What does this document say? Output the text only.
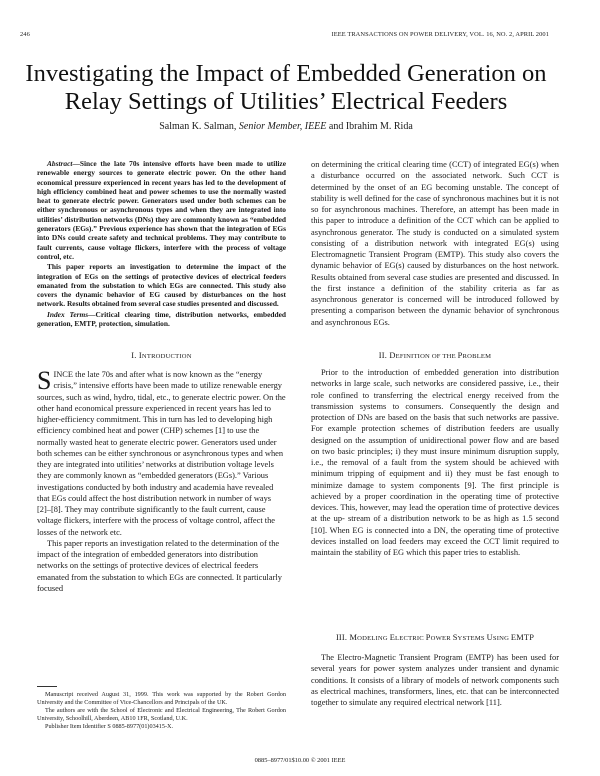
246	IEEE TRANSACTIONS ON POWER DELIVERY, VOL. 16, NO. 2, APRIL 2001
Investigating the Impact of Embedded Generation on Relay Settings of Utilities’ Electrical Feeders
Salman K. Salman, Senior Member, IEEE and Ibrahim M. Rida

Abstract—Since the late 70s intensive efforts have been made to utilize renewable energy sources to generate electric power. On the other hand economical pressure experienced in recent years has led to the development of high efficiency combined heat and power schemes to use the normally wasted heat to generate electric power. Generators used under both schemes can be either synchronous or asynchronous types and when they are integrated into utilities’ distribution networks (DNs) they are commonly known as “embedded generators (EGs).” Previous experience has shown that the integration of EGs into DNs could create safety and technical problems. They may contribute to fault currents, cause voltage flickers, interfere with the process of voltage control, etc.

This paper reports an investigation to determine the impact of the integration of EGs on the settings of protective devices of electrical feeders emanated from the substation to which EGs are connected. This study also covers the dynamic behavior of EG caused by disturbances on the host network. Results obtained from several case studies presented and discussed.

Index Terms—Critical clearing time, distribution networks, embedded generation, EMTP, protection, simulation.

I. INTRODUCTION

SINCE the late 70s and after what is now known as the “energy crisis,” intensive efforts have been made to utilize renewable energy sources, such as wind, hydro, tidal, etc., to generate electric power. On the other hand economical pressure experienced in recent years has led to higher-efficiency commitment. This in turn has led to developing high efficiency combined heat and power (CHP) schemes [1] to use the normally wasted heat to generate electric power. Generators used under both schemes can be either synchronous or asynchronous types and when they are integrated into utilities’ networks at distribution voltage levels they are commonly known as “embedded generators (EGs).” Various investigations conducted by both industry and academia have revealed that EGs could affect the host distribution network in number of ways [2]–[8]. They may contribute significantly to the fault current, cause voltage flickers, interfere with the process of voltage control, affect the losses of the network etc.

This paper reports an investigation related to the determination of the impact of the integration of embedded generators into distribution networks on the settings of protective devices of electrical feeders emanated from the substation to which EGs are connected. It particularly focused

Manuscript received August 31, 1999. This work was supported by the Robert Gordon University and the Committee of Vice-Chancellors and Principals of the UK.

The authors are with the School of Electronic and Electrical Engineering, The Robert Gordon University, Schoolhill, Aberdeen, AB10 1FR, Scotland, U.K.

Publisher Item Identifier S 0885-8977(01)03415-X.

on determining the critical clearing time (CCT) of integrated EG(s) when a disturbance occurred on the associated network. Such CCT is determined by the onset of an EG becoming unstable. The concept of stability is well defined for the case of synchronous machines but it is not so for asynchronous machines. Therefore, an attempt has been made in this paper to introduce a definition of the CCT which can be applied to asynchronous generator. The study is conducted on a simulated system consisting of a distribution network with integrated EG(s) using Electromagnetic Transient Program (EMTP). This study also covers the dynamic behavior of EG(s) caused by disturbances on the host network. Results obtained from several case studies are presented and discussed. In the first instance a definition of the stability criteria as far as asynchronous generator is concerned will be introduced followed by presenting a comparison between the dynamic behavior of synchronous and asynchronous EGs.

II. DEFINITION OF THE PROBLEM

Prior to the introduction of embedded generation into distribution networks in large scale, such networks are considered passive, i.e., their role confined to transferring the electrical energy received from the transmission systems to consumers. Consequently the design and protection of DNs are based on the basis that such networks are passive. For example protection schemes of distribution feeders are usually designed on the assumption of unidirectional power flow and are based on two basic principles; i) they must insure minimum disruption supply, i.e., the removal of a fault from the system should be achieved with minimum tripping of equipment and ii) they must be fast enough to minimize damage to system components [9]. The first principle is achieved by a proper coordination in the operating time of protective devices. This, however, may lead the operation time of protective devices at the up- stream of a distribution network to be as high as 1.5 second [10]. When EG is connected into a DN, the operating time of protective devices installed on load feeders may exceed the CCT limit required to maintain the stability of EG which this paper tries to establish.

III. MODELING ELECTRIC POWER SYSTEMS USING EMTP

The Electro-Magnetic Transient Program (EMTP) has been used for several years for power system analyzes under transient and dynamic conditions. It consists of a library of models of network components such as electrical machines, transformers, lines, etc. that can be interconnected together to simulate any required electrical network [11].

0885–8977/01$10.00 © 2001 IEEE
